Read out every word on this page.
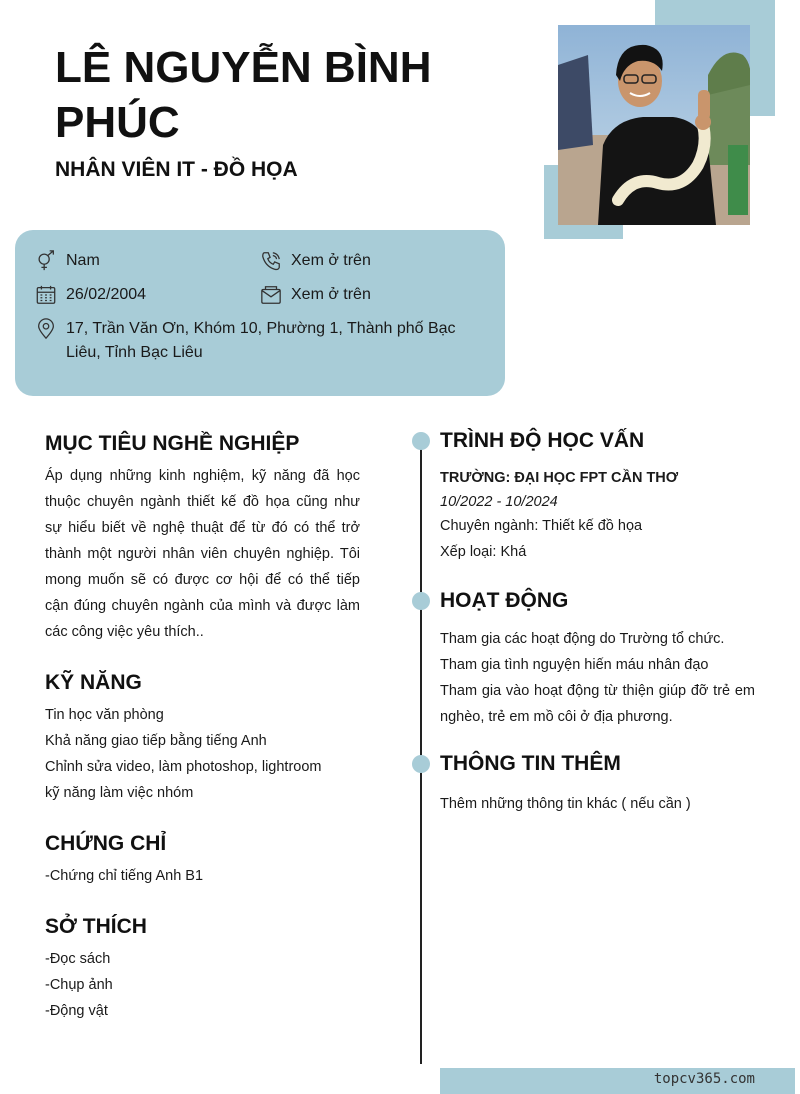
LÊ NGUYỄN BÌNH PHÚC
NHÂN VIÊN IT - ĐỒ HỌA
Nam	Xem ở trên
26/02/2004	Xem ở trên
17, Trần Văn Ơn, Khóm 10, Phường 1, Thành phố Bạc Liêu, Tỉnh Bạc Liêu
MỤC TIÊU NGHỀ NGHIỆP
Áp dụng những kinh nghiệm, kỹ năng đã học thuộc chuyên ngành thiết kế đồ họa cũng như sự hiểu biết về nghệ thuật để từ đó có thể trở thành một người nhân viên chuyên nghiệp. Tôi mong muốn sẽ có được cơ hội để có thể tiếp cận đúng chuyên ngành của mình và được làm các công việc yêu thích..
KỸ NĂNG
Tin học văn phòng
Khả năng giao tiếp bằng tiếng Anh
Chỉnh sửa video, làm photoshop, lightroom
kỹ năng làm việc nhóm
CHỨNG CHỈ
-Chứng chỉ tiếng Anh B1
SỞ THÍCH
-Đọc sách
-Chụp ảnh
-Động vật
TRÌNH ĐỘ HỌC VẤN
TRƯỜNG: ĐẠI HỌC FPT CẦN THƠ
10/2022 - 10/2024
Chuyên ngành: Thiết kế đồ họa
Xếp loại: Khá
HOẠT ĐỘNG
Tham gia các hoạt động do Trường tổ chức.
Tham gia tình nguyện hiến máu nhân đạo
Tham gia vào hoạt động từ thiện giúp đỡ trẻ em nghèo, trẻ em mồ côi ở địa phương.
THÔNG TIN THÊM
Thêm những thông tin khác ( nếu cần )
topcv365.com
